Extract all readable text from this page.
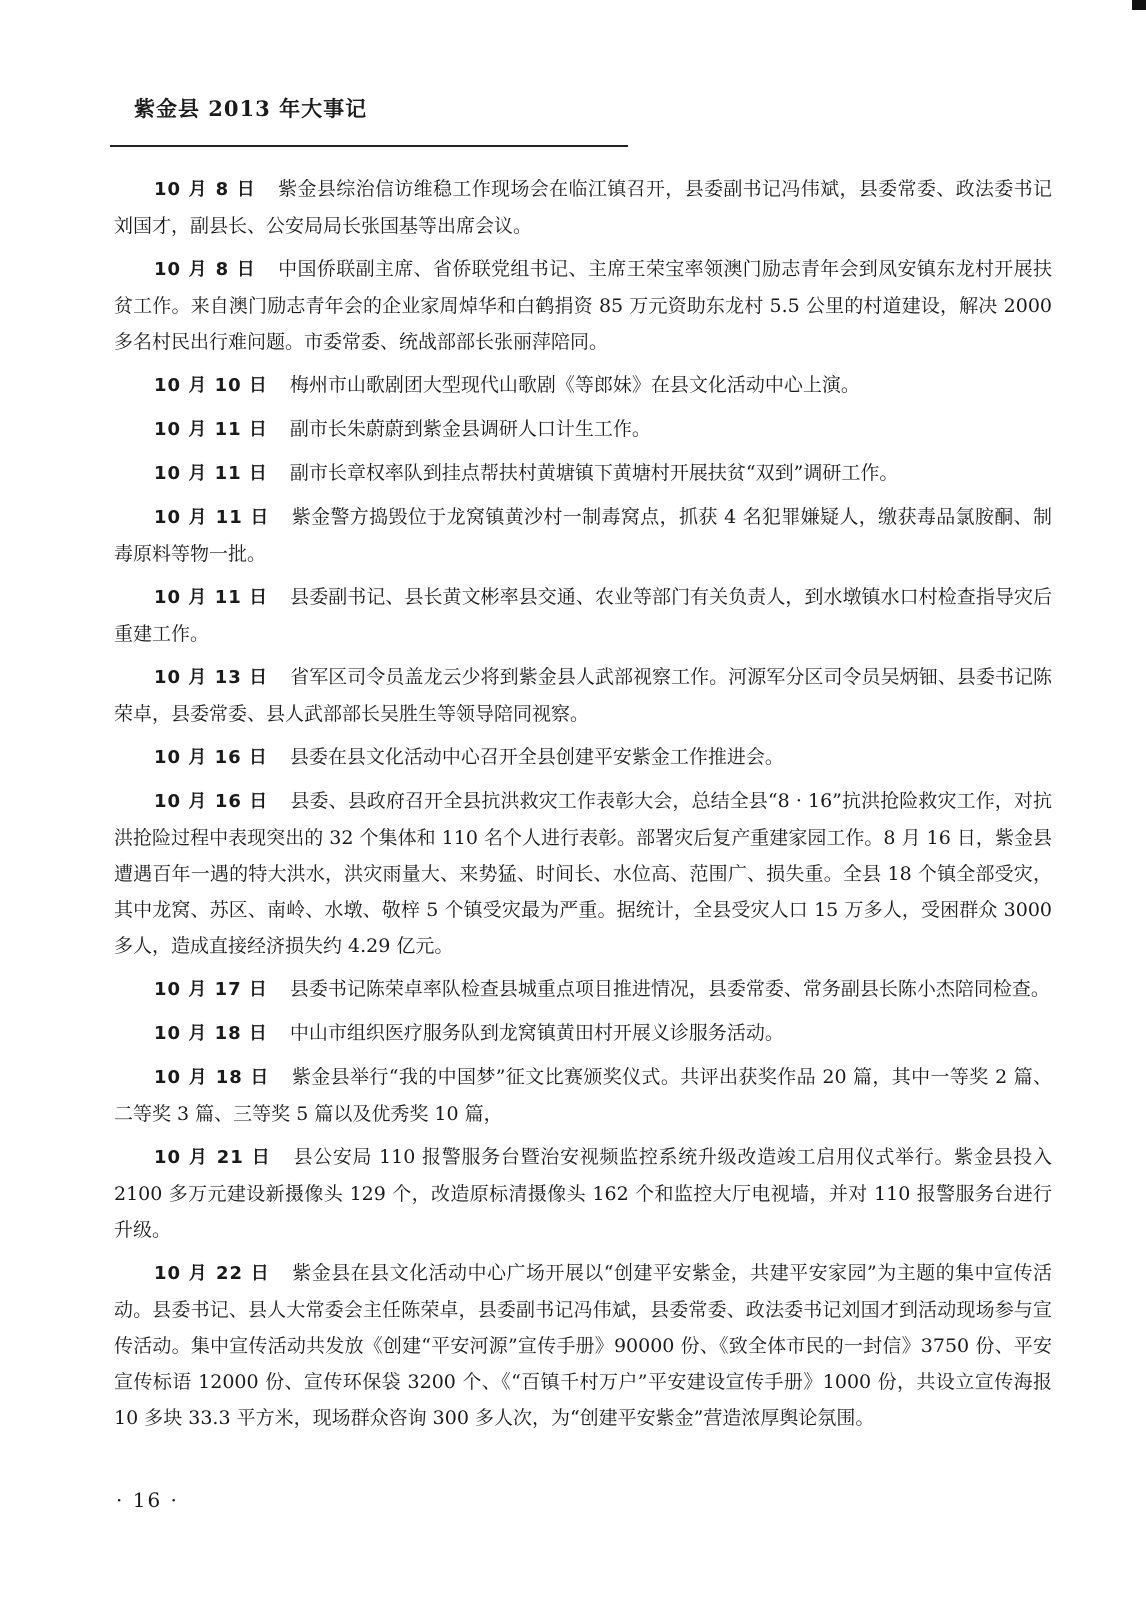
紫金县 2013 年大事记

10 月 8 日 紫金县综治信访维稳工作现场会在临江镇召开，县委副书记冯伟斌，县委常委、政法委书记刘国才，副县长、公安局局长张国基等出席会议。

10 月 8 日 中国侨联副主席、省侨联党组书记、主席王荣宝率领澳门励志青年会到凤安镇东龙村开展扶贫工作。来自澳门励志青年会的企业家周焯华和白鹤捐资 85 万元资助东龙村 5.5 公里的村道建设，解决 2000 多名村民出行难问题。市委常委、统战部部长张丽萍陪同。

10 月 10 日 梅州市山歌剧团大型现代山歌剧《等郎妹》在县文化活动中心上演。

10 月 11 日 副市长朱蔚蔚到紫金县调研人口计生工作。

10 月 11 日 副市长章权率队到挂点帮扶村黄塘镇下黄塘村开展扶贫“双到”调研工作。

10 月 11 日 紫金警方捣毁位于龙窝镇黄沙村一制毒窝点，抓获 4 名犯罪嫌疑人，缴获毒品氯胺酮、制毒原料等物一批。

10 月 11 日 县委副书记、县长黄文彬率县交通、农业等部门有关负责人，到水墩镇水口村检查指导灾后重建工作。

10 月 13 日 省军区司令员盖龙云少将到紫金县人武部视察工作。河源军分区司令员吴炳钿、县委书记陈荣卓，县委常委、县人武部部长吴胜生等领导陪同视察。

10 月 16 日 县委在县文化活动中心召开全县创建平安紫金工作推进会。

10 月 16 日 县委、县政府召开全县抗洪救灾工作表彰大会，总结全县“8 · 16”抗洪抢险救灾工作，对抗洪抢险过程中表现突出的 32 个集体和 110 名个人进行表彰。部署灾后复产重建家园工作。8 月 16 日，紫金县遭遇百年一遇的特大洪水，洪灾雨量大、来势猛、时间长、水位高、范围广、损失重。全县 18 个镇全部受灾，其中龙窝、苏区、南岭、水墩、敬梓 5 个镇受灾最为严重。据统计，全县受灾人口 15 万多人，受困群众 3000 多人，造成直接经济损失约 4.29 亿元。

10 月 17 日 县委书记陈荣卓率队检查县城重点项目推进情况，县委常委、常务副县长陈小杰陪同检查。

10 月 18 日 中山市组织医疗服务队到龙窝镇黄田村开展义诊服务活动。

10 月 18 日 紫金县举行“我的中国梦”征文比赛颁奖仪式。共评出获奖作品 20 篇，其中一等奖 2 篇、二等奖 3 篇、三等奖 5 篇以及优秀奖 10 篇，

10 月 21 日 县公安局 110 报警服务台暨治安视频监控系统升级改造竣工启用仪式举行。紫金县投入 2100 多万元建设新摄像头 129 个，改造原标清摄像头 162 个和监控大厅电视墙，并对 110 报警服务台进行升级。

10 月 22 日 紫金县在县文化活动中心广场开展以“创建平安紫金，共建平安家园”为主题的集中宣传活动。县委书记、县人大常委会主任陈荣卓，县委副书记冯伟斌，县委常委、政法委书记刘国才到活动现场参与宣传活动。集中宣传活动共发放《创建“平安河源”宣传手册》90000 份、《致全体市民的一封信》3750 份、平安宣传标语 12000 份、宣传环保袋 3200 个、《“百镇千村万户”平安建设宣传手册》1000 份，共设立宣传海报 10 多块 33.3 平方米，现场群众咨询 300 多人次，为“创建平安紫金”营造浓厚舆论氛围。

· 16 ·
